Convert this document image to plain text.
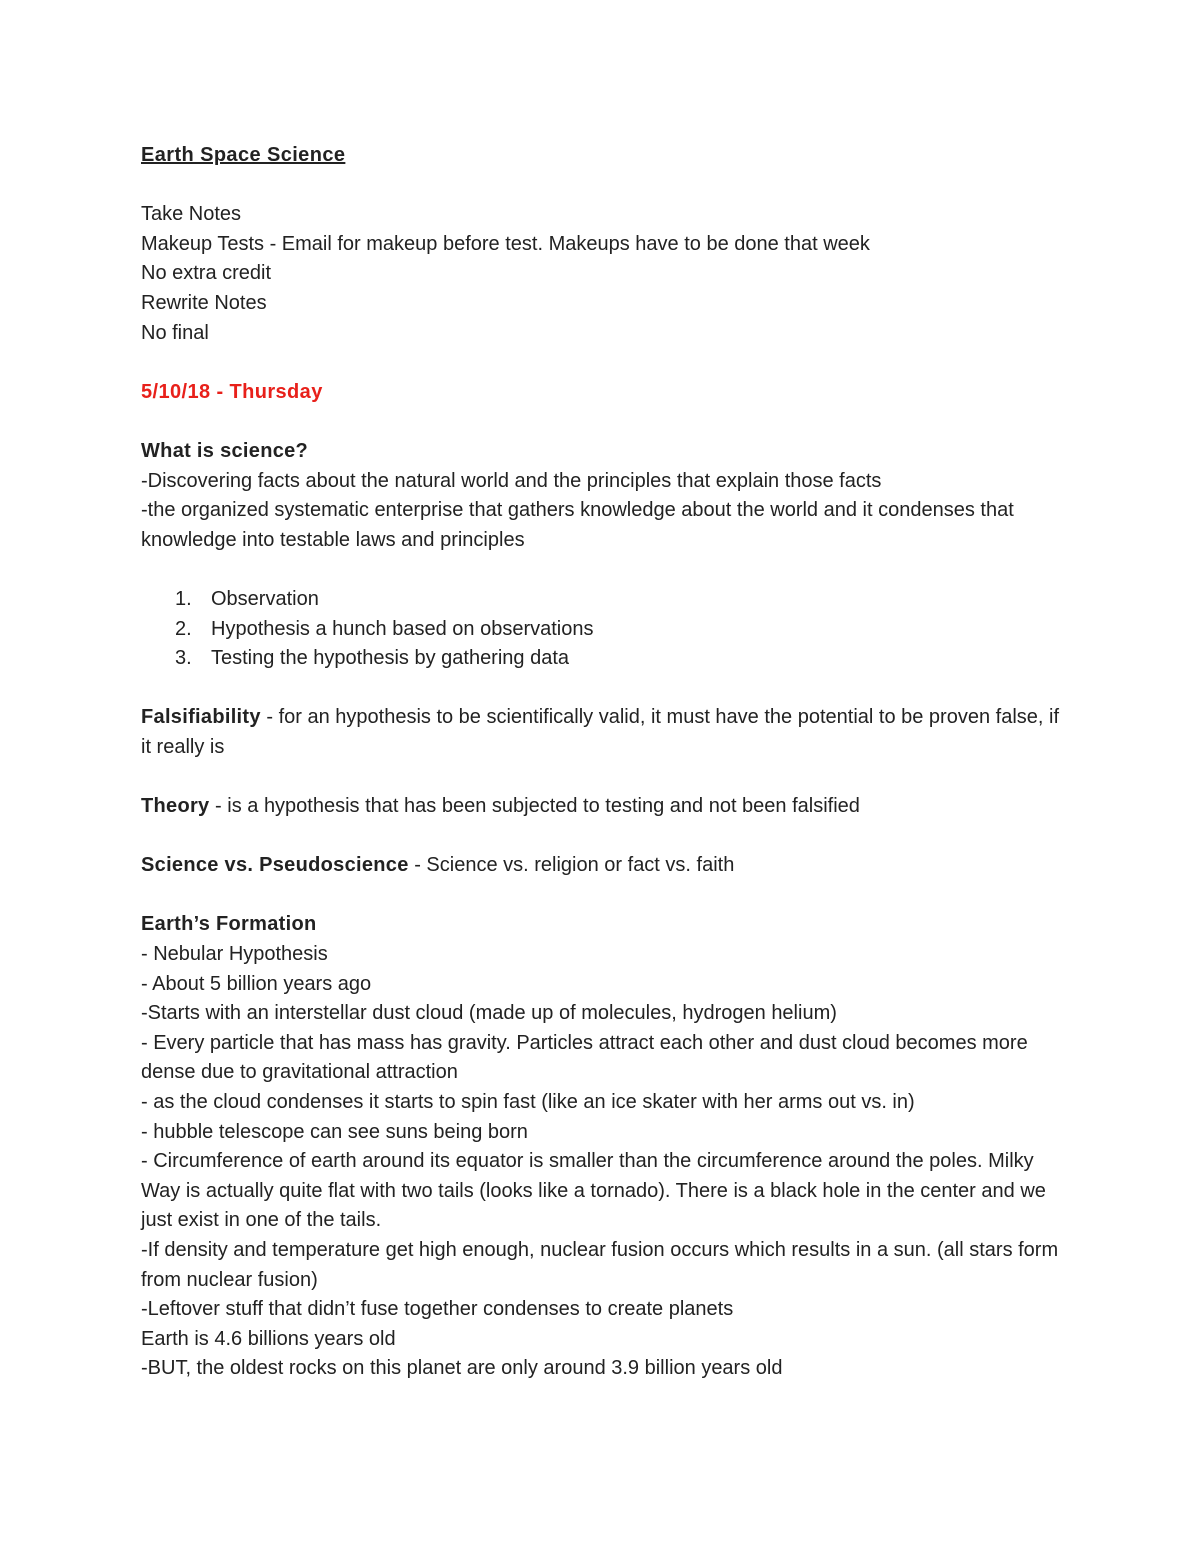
Earth Space Science

Take Notes

Makeup Tests - Email for makeup before test. Makeups have to be done that week

No extra credit

Rewrite Notes

No final

5/10/18 - Thursday

What is science?

-Discovering facts about the natural world and the principles that explain those facts

-the organized systematic enterprise that gathers knowledge about the world and it condenses that knowledge into testable laws and principles

1. Observation
2. Hypothesis a hunch based on observations
3. Testing the hypothesis by gathering data

Falsifiability - for an hypothesis to be scientifically valid, it must have the potential to be proven false, if it really is

Theory - is a hypothesis that has been subjected to testing and not been falsified

Science vs. Pseudoscience - Science vs. religion or fact vs. faith

Earth’s Formation

- Nebular Hypothesis

- About 5 billion years ago

-Starts with an interstellar dust cloud (made up of molecules, hydrogen helium)

- Every particle that has mass has gravity. Particles attract each other and dust cloud becomes more dense due to gravitational attraction

- as the cloud condenses it starts to spin fast (like an ice skater with her arms out vs. in)

- hubble telescope can see suns being born

- Circumference of earth around its equator is smaller than the circumference around the poles. Milky Way is actually quite flat with two tails (looks like a tornado). There is a black hole in the center and we just exist in one of the tails.

-If density and temperature get high enough, nuclear fusion occurs which results in a sun. (all stars form from nuclear fusion)

-Leftover stuff that didn’t fuse together condenses to create planets

Earth is 4.6 billions years old

-BUT, the oldest rocks on this planet are only around 3.9 billion years old
